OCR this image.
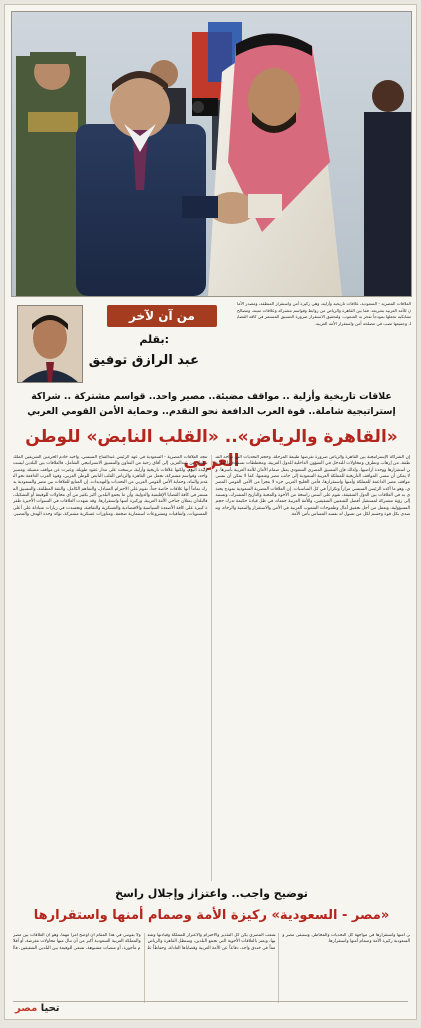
العلاقات المصرية - السعودية، علاقات تاريخية وأزلية، وهي ركيزة أمن واستقرار المنطقة، ومصدر الأمان للأمة العربية بشريعة. فما بين القاهرة والرياض من روابط وقواسم مشتركة وعلاقات متينة، ومصالح تشابكية تجعلها نموذجاً تفخر به الشعوب. ولتحقيق الاستقرار ضرورة التنسيق المستمر في كافة القضايا، وجميعها تصب في مصلحة أمن واستقرار الأمة العربية.

من آن لآخر
بقلم:
عبد الرازق توفيق
علاقات تاريخية وأزلية .. مواقف مضيئة.. مصير واحد.. قواسم مشتركة .. شراكة إستراتيجية شاملة.. قوة العرب الدافعة نحو التقدم.. وحماية الأمن القومي العربي
«القاهرة والرياض».. «القلب النابض» للوطن العربي

تتجه العلاقات المصرية - السعودية في عهد الرئيس عبدالفتاح السيسي، وأخيه خادم الحرمين الشريفين الملك سلمان بن عبدالعزيز، إلى آفاق رحبة من التعاون والتنسيق الاستراتيجي الشامل، فالعلاقات بين البلدين ليست وليدة اليوم، ولكنها علاقات تاريخية وأزلية، ترسخت على مدار عقود طويلة، وعبرت عن مواقف مضيئة، ومصير واحد، وقواسم مشتركة، تجعل من القاهرة والرياض القلب النابض للوطن العربي، وقوة العرب الدافعة نحو التقدم والبناء، وحماية الأمن القومي العربي من التحديات والتهديدات. إن المتابع للعلاقات بين مصر والسعودية يدرك تماماً أنها علاقات خاصة جداً، تقوم على الاحترام المتبادل، والتفاهم الكامل، والثقة المطلقة، والتنسيق المستمر في كافة القضايا الإقليمية والدولية، وأن ما يجمع البلدين أكبر بكثير من أي محاولات للوقيعة أو التشكيك، فالبلدان يمثلان جناحي الأمة العربية، وركيزة أمنها واستقرارها. وقد شهدت العلاقات في السنوات الأخيرة طفرة كبيرة على كافة الأصعدة السياسية والاقتصادية والعسكرية والثقافية، وتجسدت في زيارات متبادلة على أعلى المستويات، واتفاقيات ومشروعات استثمارية ضخمة، ومناورات عسكرية مشتركة، تؤكد وحدة الهدف والمصير. إن الشراكة الإستراتيجية بين القاهرة والرياض ضرورة تفرضها طبيعة المرحلة، وحجم التحديات التي تواجه المنطقة، من إرهاب وتطرف ومحاولات للتدخل في الشؤون الداخلية للدول العربية، ومخططات تستهدف النيل من استقرارها ووحدة أراضيها، ولذلك فإن التنسيق المصري السعودي يمثل صمام الأمان للأمة العربية بأسرها. ولا يمكن أن ننسى المواقف التاريخية للمملكة العربية السعودية إلى جانب مصر وشعبها، كما لا يمكن أن ننسى مواقف مصر الداعمة للمملكة وأمنها واستقرارها، فأمن الخليج العربي جزء لا يتجزأ من الأمن القومي المصري، وهو ما أكده الرئيس السيسي مراراً وتكراراً في كل المناسبات. إن العلاقات المصرية السعودية نموذج يحتذى به في العلاقات بين الدول الشقيقة، تقوم على أسس راسخة من الأخوة والمحبة والتاريخ المشترك، وتستند إلى رؤية مشتركة لمستقبل أفضل للشعبين الشقيقين، وللأمة العربية جمعاء، في ظل قيادة حكيمة تدرك حجم المسؤولية، وتعمل من أجل تحقيق آمال وطموحات الشعوب العربية في الأمن والاستقرار والتنمية والرخاء، وتتصدى بكل قوة وحسم لكل من تسول له نفسه المساس بأمن الأمة.

توضيح واجب.. واعتزاز وإجلال راسخ
«مصر - السعودية» ركيزة الأمة وصمام أمنها واستقرارها

ولا يفوتني في هذا المقام أن أوضح أمراً مهماً، وهو أن العلاقات بين مصر والمملكة العربية السعودية أكبر من أن تنال منها محاولات مغرضة، أو أقلام مأجورة، أو منصات مشبوهة، تسعى للوقيعة بين البلدين الشقيقين، فالشعب المصري يكن كل التقدير والاحترام والاعتزاز للمملكة وقيادتها وشعبها، ويعتز بالعلاقات الأخوية التي تجمع البلدين، وستظل القاهرة والرياض معاً في خندق واحد، دفاعاً عن الأمة العربية وقضاياها العادلة، وحفاظاً على أمنها واستقرارها في مواجهة كل التحديات والمخاطر، وستبقى مصر والسعودية ركيزة الأمة وصمام أمنها واستقرارها.

تحيا مصر
